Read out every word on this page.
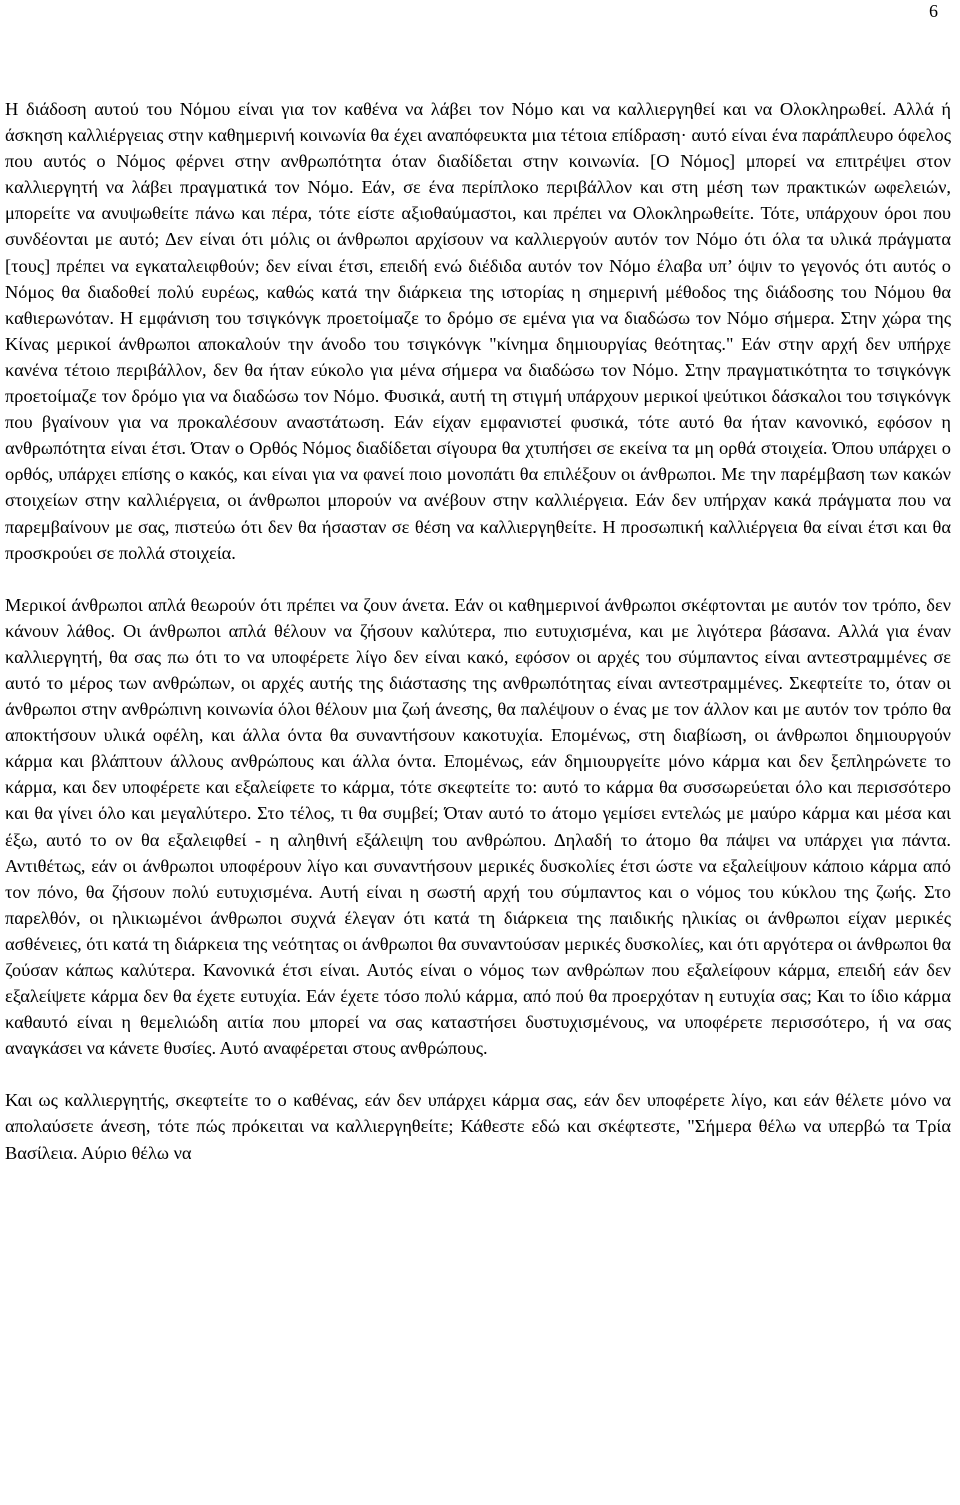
6

Η διάδοση αυτού του Νόμου είναι για τον καθένα να λάβει τον Νόμο και να καλλιεργηθεί και να Ολοκληρωθεί. Αλλά ή άσκηση καλλιέργειας στην καθημερινή κοινωνία θα έχει αναπόφευκτα μια τέτοια επίδραση· αυτό είναι ένα παράπλευρο όφελος που αυτός ο Νόμος φέρνει στην ανθρωπότητα όταν διαδίδεται στην κοινωνία. [Ο Νόμος] μπορεί να επιτρέψει στον καλλιεργητή να λάβει πραγματικά τον Νόμο. Εάν, σε ένα περίπλοκο περιβάλλον και στη μέση των πρακτικών ωφελειών, μπορείτε να ανυψωθείτε πάνω και πέρα, τότε είστε αξιοθαύμαστοι, και πρέπει να Ολοκληρωθείτε. Τότε, υπάρχουν όροι που συνδέονται με αυτό; Δεν είναι ότι μόλις οι άνθρωποι αρχίσουν να καλλιεργούν αυτόν τον Νόμο ότι όλα τα υλικά πράγματα [τους] πρέπει να εγκαταλειφθούν; δεν είναι έτσι, επειδή ενώ διέδιδα αυτόν τον Νόμο έλαβα υπ’ όψιν το γεγονός ότι αυτός ο Νόμος θα διαδοθεί πολύ ευρέως, καθώς κατά την διάρκεια της ιστορίας η σημερινή μέθοδος της διάδοσης του Νόμου θα καθιερωνόταν. Η εμφάνιση του τσιγκόνγκ προετοίμαζε το δρόμο σε εμένα για να διαδώσω τον Νόμο σήμερα. Στην χώρα της Κίνας μερικοί άνθρωποι αποκαλούν την άνοδο του τσιγκόνγκ "κίνημα δημιουργίας θεότητας." Εάν στην αρχή δεν υπήρχε κανένα τέτοιο περιβάλλον, δεν θα ήταν εύκολο για μένα σήμερα να διαδώσω τον Νόμο. Στην πραγματικότητα το τσιγκόνγκ προετοίμαζε τον δρόμο για να διαδώσω τον Νόμο. Φυσικά, αυτή τη στιγμή υπάρχουν μερικοί ψεύτικοι δάσκαλοι του τσιγκόνγκ που βγαίνουν για να προκαλέσουν αναστάτωση. Εάν είχαν εμφανιστεί φυσικά, τότε αυτό θα ήταν κανονικό, εφόσον η ανθρωπότητα είναι έτσι. Όταν ο Ορθός Νόμος διαδίδεται σίγουρα θα χτυπήσει σε εκείνα τα μη ορθά στοιχεία. Όπου υπάρχει ο ορθός, υπάρχει επίσης ο κακός, και είναι για να φανεί ποιο μονοπάτι θα επιλέξουν οι άνθρωποι. Με την παρέμβαση των κακών στοιχείων στην καλλιέργεια, οι άνθρωποι μπορούν να ανέβουν στην καλλιέργεια. Εάν δεν υπήρχαν κακά πράγματα που να παρεμβαίνουν με σας, πιστεύω ότι δεν θα ήσασταν σε θέση να καλλιεργηθείτε. Η προσωπική καλλιέργεια θα είναι έτσι και θα προσκρούει σε πολλά στοιχεία.

Μερικοί άνθρωποι απλά θεωρούν ότι πρέπει να ζουν άνετα. Εάν οι καθημερινοί άνθρωποι σκέφτονται με αυτόν τον τρόπο, δεν κάνουν λάθος. Οι άνθρωποι απλά θέλουν να ζήσουν καλύτερα, πιο ευτυχισμένα, και με λιγότερα βάσανα. Αλλά για έναν καλλιεργητή, θα σας πω ότι το να υποφέρετε λίγο δεν είναι κακό, εφόσον οι αρχές του σύμπαντος είναι αντεστραμμένες σε αυτό το μέρος των ανθρώπων, οι αρχές αυτής της διάστασης της ανθρωπότητας είναι αντεστραμμένες. Σκεφτείτε το, όταν οι άνθρωποι στην ανθρώπινη κοινωνία όλοι θέλουν μια ζωή άνεσης, θα παλέψουν ο ένας με τον άλλον και με αυτόν τον τρόπο θα αποκτήσουν υλικά οφέλη, και άλλα όντα θα συναντήσουν κακοτυχία. Επομένως, στη διαβίωση, οι άνθρωποι δημιουργούν κάρμα και βλάπτουν άλλους ανθρώπους και άλλα όντα. Επομένως, εάν δημιουργείτε μόνο κάρμα και δεν ξεπληρώνετε το κάρμα, και δεν υποφέρετε και εξαλείφετε το κάρμα, τότε σκεφτείτε το: αυτό το κάρμα θα συσσωρεύεται όλο και περισσότερο και θα γίνει όλο και μεγαλύτερο. Στο τέλος, τι θα συμβεί; Όταν αυτό το άτομο γεμίσει εντελώς με μαύρο κάρμα και μέσα και έξω, αυτό το ον θα εξαλειφθεί - η αληθινή εξάλειψη του ανθρώπου. Δηλαδή το άτομο θα πάψει να υπάρχει για πάντα. Αντιθέτως, εάν οι άνθρωποι υποφέρουν λίγο και συναντήσουν μερικές δυσκολίες έτσι ώστε να εξαλείψουν κάποιο κάρμα από τον πόνο, θα ζήσουν πολύ ευτυχισμένα. Αυτή είναι η σωστή αρχή του σύμπαντος και ο νόμος του κύκλου της ζωής. Στο παρελθόν, οι ηλικιωμένοι άνθρωποι συχνά έλεγαν ότι κατά τη διάρκεια της παιδικής ηλικίας οι άνθρωποι είχαν μερικές ασθένειες, ότι κατά τη διάρκεια της νεότητας οι άνθρωποι θα συναντούσαν μερικές δυσκολίες, και ότι αργότερα οι άνθρωποι θα ζούσαν κάπως καλύτερα. Κανονικά έτσι είναι. Αυτός είναι ο νόμος των ανθρώπων που εξαλείφουν κάρμα, επειδή εάν δεν εξαλείψετε κάρμα δεν θα έχετε ευτυχία. Εάν έχετε τόσο πολύ κάρμα, από πού θα προερχόταν η ευτυχία σας; Και το ίδιο κάρμα καθαυτό είναι η θεμελιώδη αιτία που μπορεί να σας καταστήσει δυστυχισμένους, να υποφέρετε περισσότερο, ή να σας αναγκάσει να κάνετε θυσίες. Αυτό αναφέρεται στους ανθρώπους.

Και ως καλλιεργητής, σκεφτείτε το ο καθένας, εάν δεν υπάρχει κάρμα σας, εάν δεν υποφέρετε λίγο, και εάν θέλετε μόνο να απολαύσετε άνεση, τότε πώς πρόκειται να καλλιεργηθείτε; Κάθεστε εδώ και σκέφτεστε, "Σήμερα θέλω να υπερβώ τα Τρία Βασίλεια. Αύριο θέλω να
